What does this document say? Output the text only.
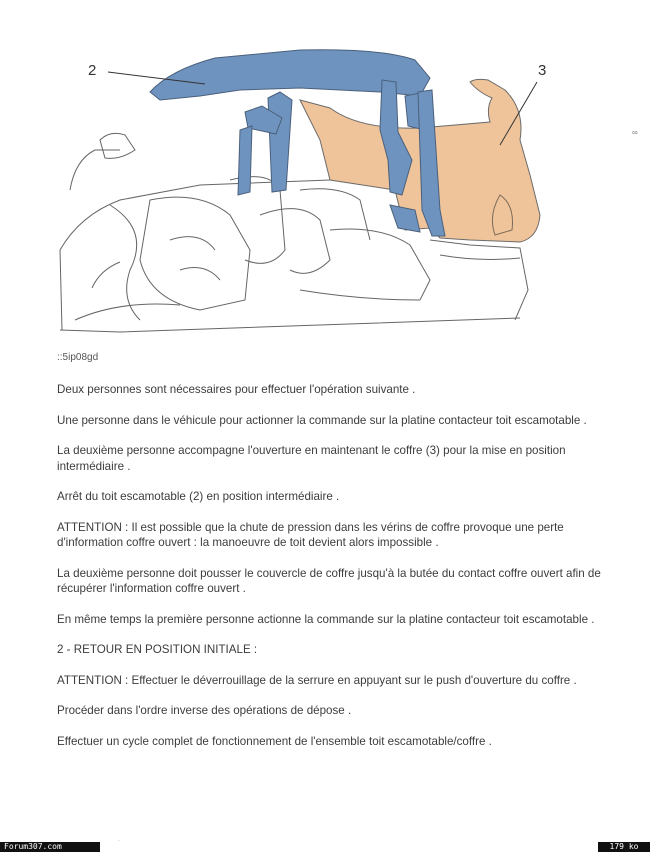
∞
2	3

::5ip08gd

Deux personnes sont nécessaires pour effectuer l'opération suivante .

Une personne dans le véhicule pour actionner la commande sur la platine contacteur toit escamotable .

La deuxième personne accompagne l'ouverture en maintenant le coffre (3) pour la mise en position intermédiaire .

Arrêt du toit escamotable (2) en position intermédiaire .

ATTENTION : Il est possible que la chute de pression dans les vérins de coffre provoque une perte d'information coffre ouvert : la manoeuvre de toit devient alors impossible .

La deuxième personne doit pousser le couvercle de coffre jusqu'à la butée du contact coffre ouvert afin de récupérer l'information coffre ouvert .

En même temps la première personne actionne la commande sur la platine contacteur toit escamotable .

2 - RETOUR EN POSITION INITIALE :

ATTENTION : Effectuer le déverrouillage de la serrure en appuyant sur le push d'ouverture du coffre .

Procéder dans l'ordre inverse des opérations de dépose .

Effectuer un cycle complet de fonctionnement de l'ensemble toit escamotable/coffre .

·
Forum307.com	179 ko
